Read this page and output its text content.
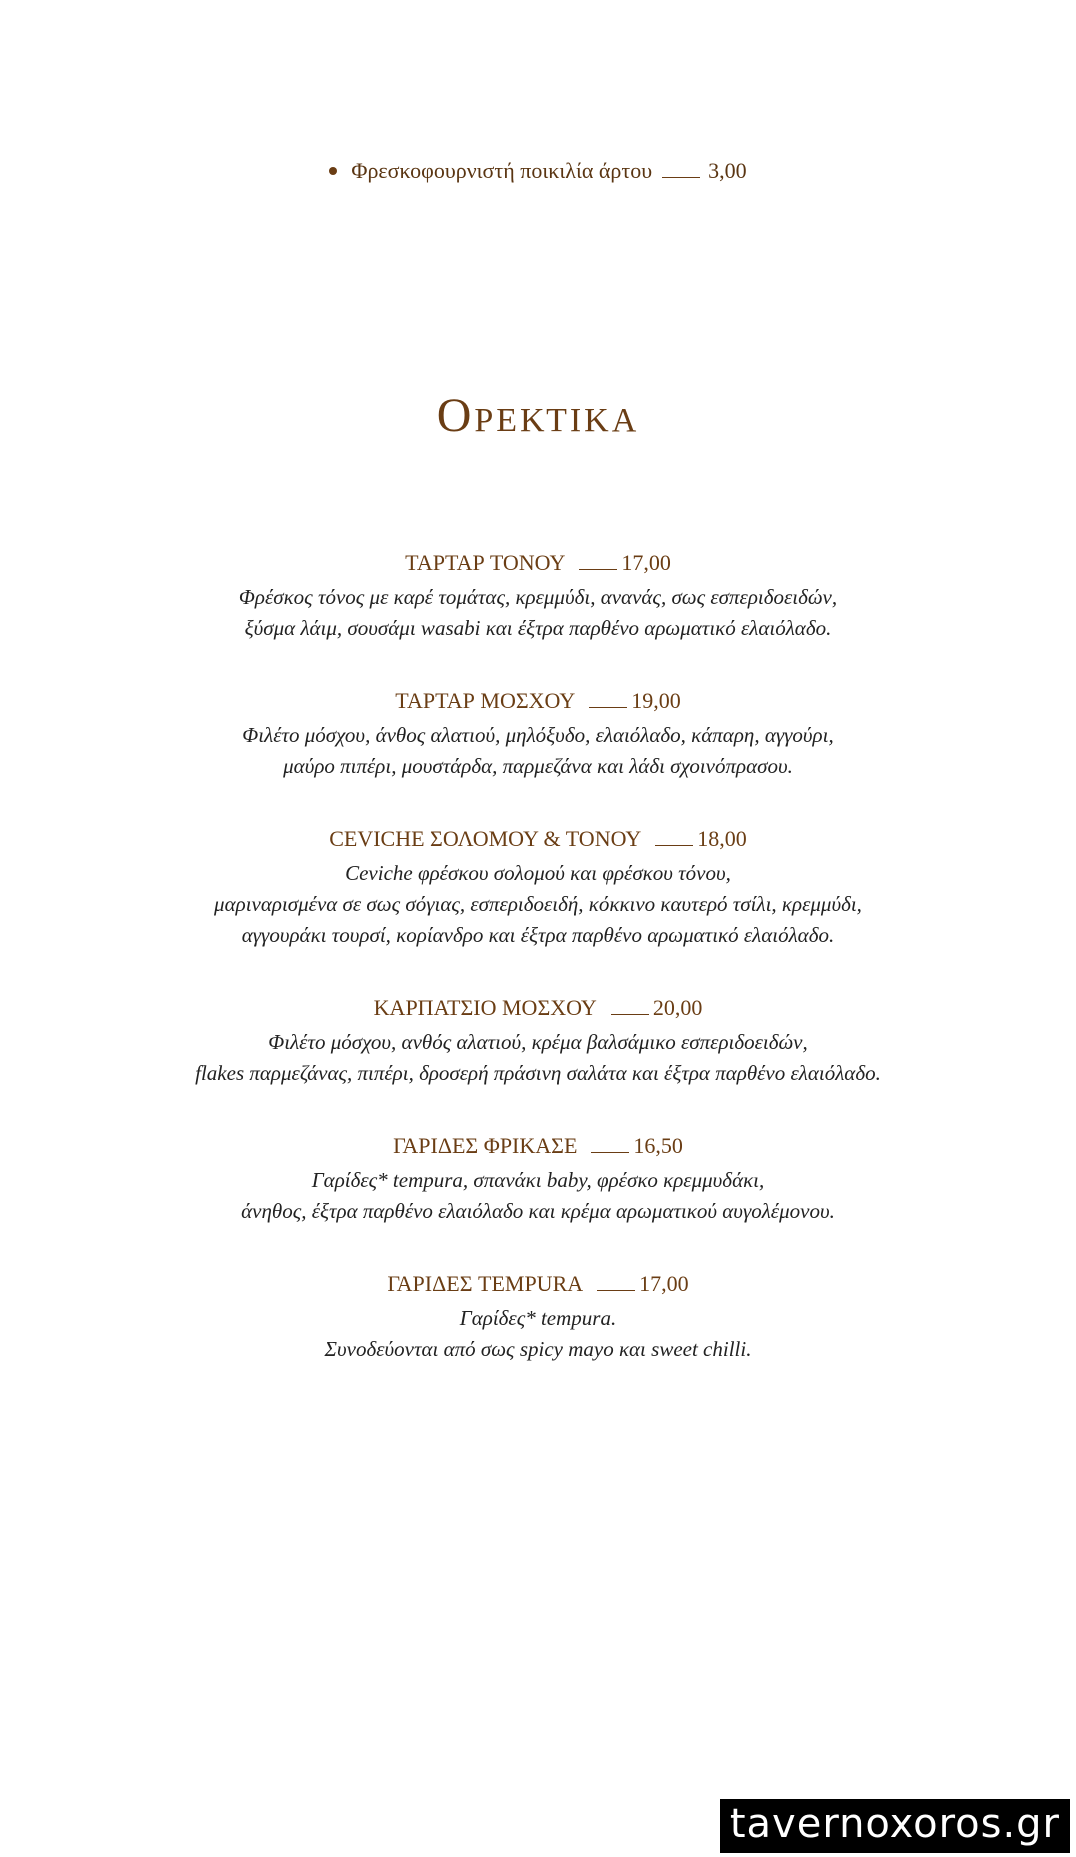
Φρεσκοφουρνιστή ποικιλία άρτου	3,00
Ορεκτικα
ΤΑΡΤΑΡ ΤΟΝΟΥ	17,00
Φρέσκος τόνος με καρέ τομάτας, κρεμμύδι, ανανάς, σως εσπεριδοειδών,
ξύσμα λάιμ, σουσάμι wasabi και έξτρα παρθένο αρωματικό ελαιόλαδο.
ΤΑΡΤΑΡ ΜΟΣΧΟΥ	19,00
Φιλέτο μόσχου, άνθος αλατιού, μηλόξυδο, ελαιόλαδο, κάπαρη, αγγούρι,
μαύρο πιπέρι, μουστάρδα, παρμεζάνα και λάδι σχοινόπρασου.
CEVICHE ΣΟΛΟΜΟΥ & ΤΟΝΟΥ	18,00
Ceviche φρέσκου σολομού και φρέσκου τόνου,
μαριναρισμένα σε σως σόγιας, εσπεριδοειδή, κόκκινο καυτερό τσίλι, κρεμμύδι,
αγγουράκι τουρσί, κορίανδρο και έξτρα παρθένο αρωματικό ελαιόλαδο.
ΚΑΡΠΑΤΣΙΟ ΜΟΣΧΟΥ	20,00
Φιλέτο μόσχου, ανθός αλατιού, κρέμα βαλσάμικο εσπεριδοειδών,
flakes παρμεζάνας, πιπέρι, δροσερή πράσινη σαλάτα και έξτρα παρθένο ελαιόλαδο.
ΓΑΡΙΔΕΣ ΦΡΙΚΑΣΕ	16,50
Γαρίδες* tempura, σπανάκι baby, φρέσκο κρεμμυδάκι,
άνηθος, έξτρα παρθένο ελαιόλαδο και κρέμα αρωματικού αυγολέμονου.
ΓΑΡΙΔΕΣ TEMPURA	17,00
Γαρίδες* tempura.
Συνοδεύονται από σως spicy mayo και sweet chilli.
tavernoxoros.gr
